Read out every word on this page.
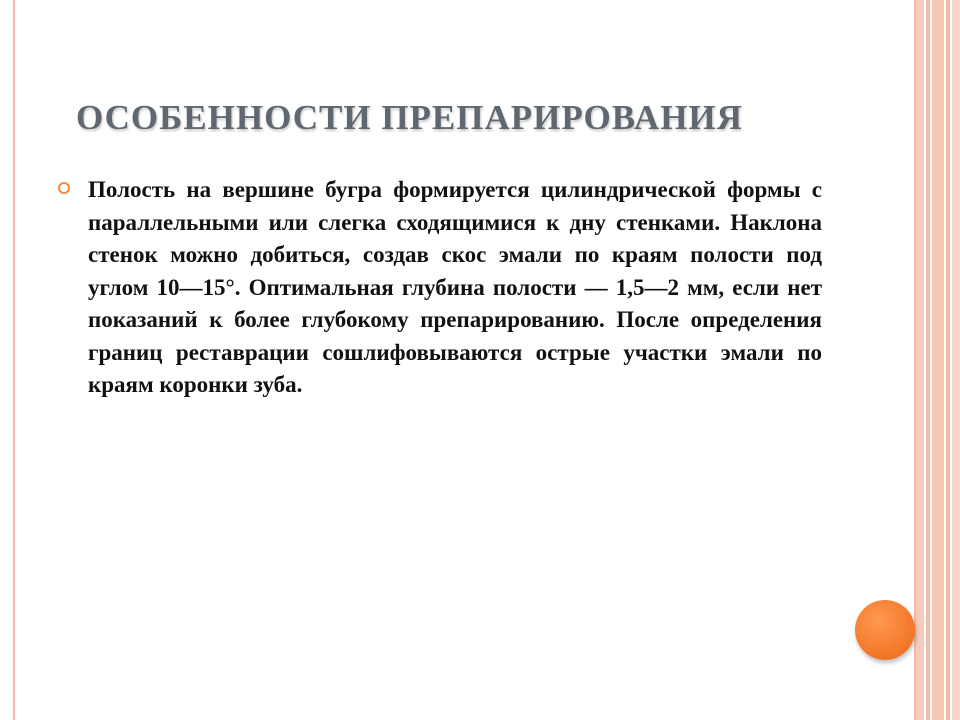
ОСОБЕННОСТИ ПРЕПАРИРОВАНИЯ

Полость на вершине бугра формируется цилиндрической формы с параллельными или слегка сходящимися к дну стенками. Наклона стенок можно добиться, создав скос эмали по краям полости под углом 10—15°. Оптимальная глубина полости — 1,5—2 мм, если нет показаний к более глубокому препарированию. После определения границ реставрации сошлифовываются острые участки эмали по краям коронки зуба.
